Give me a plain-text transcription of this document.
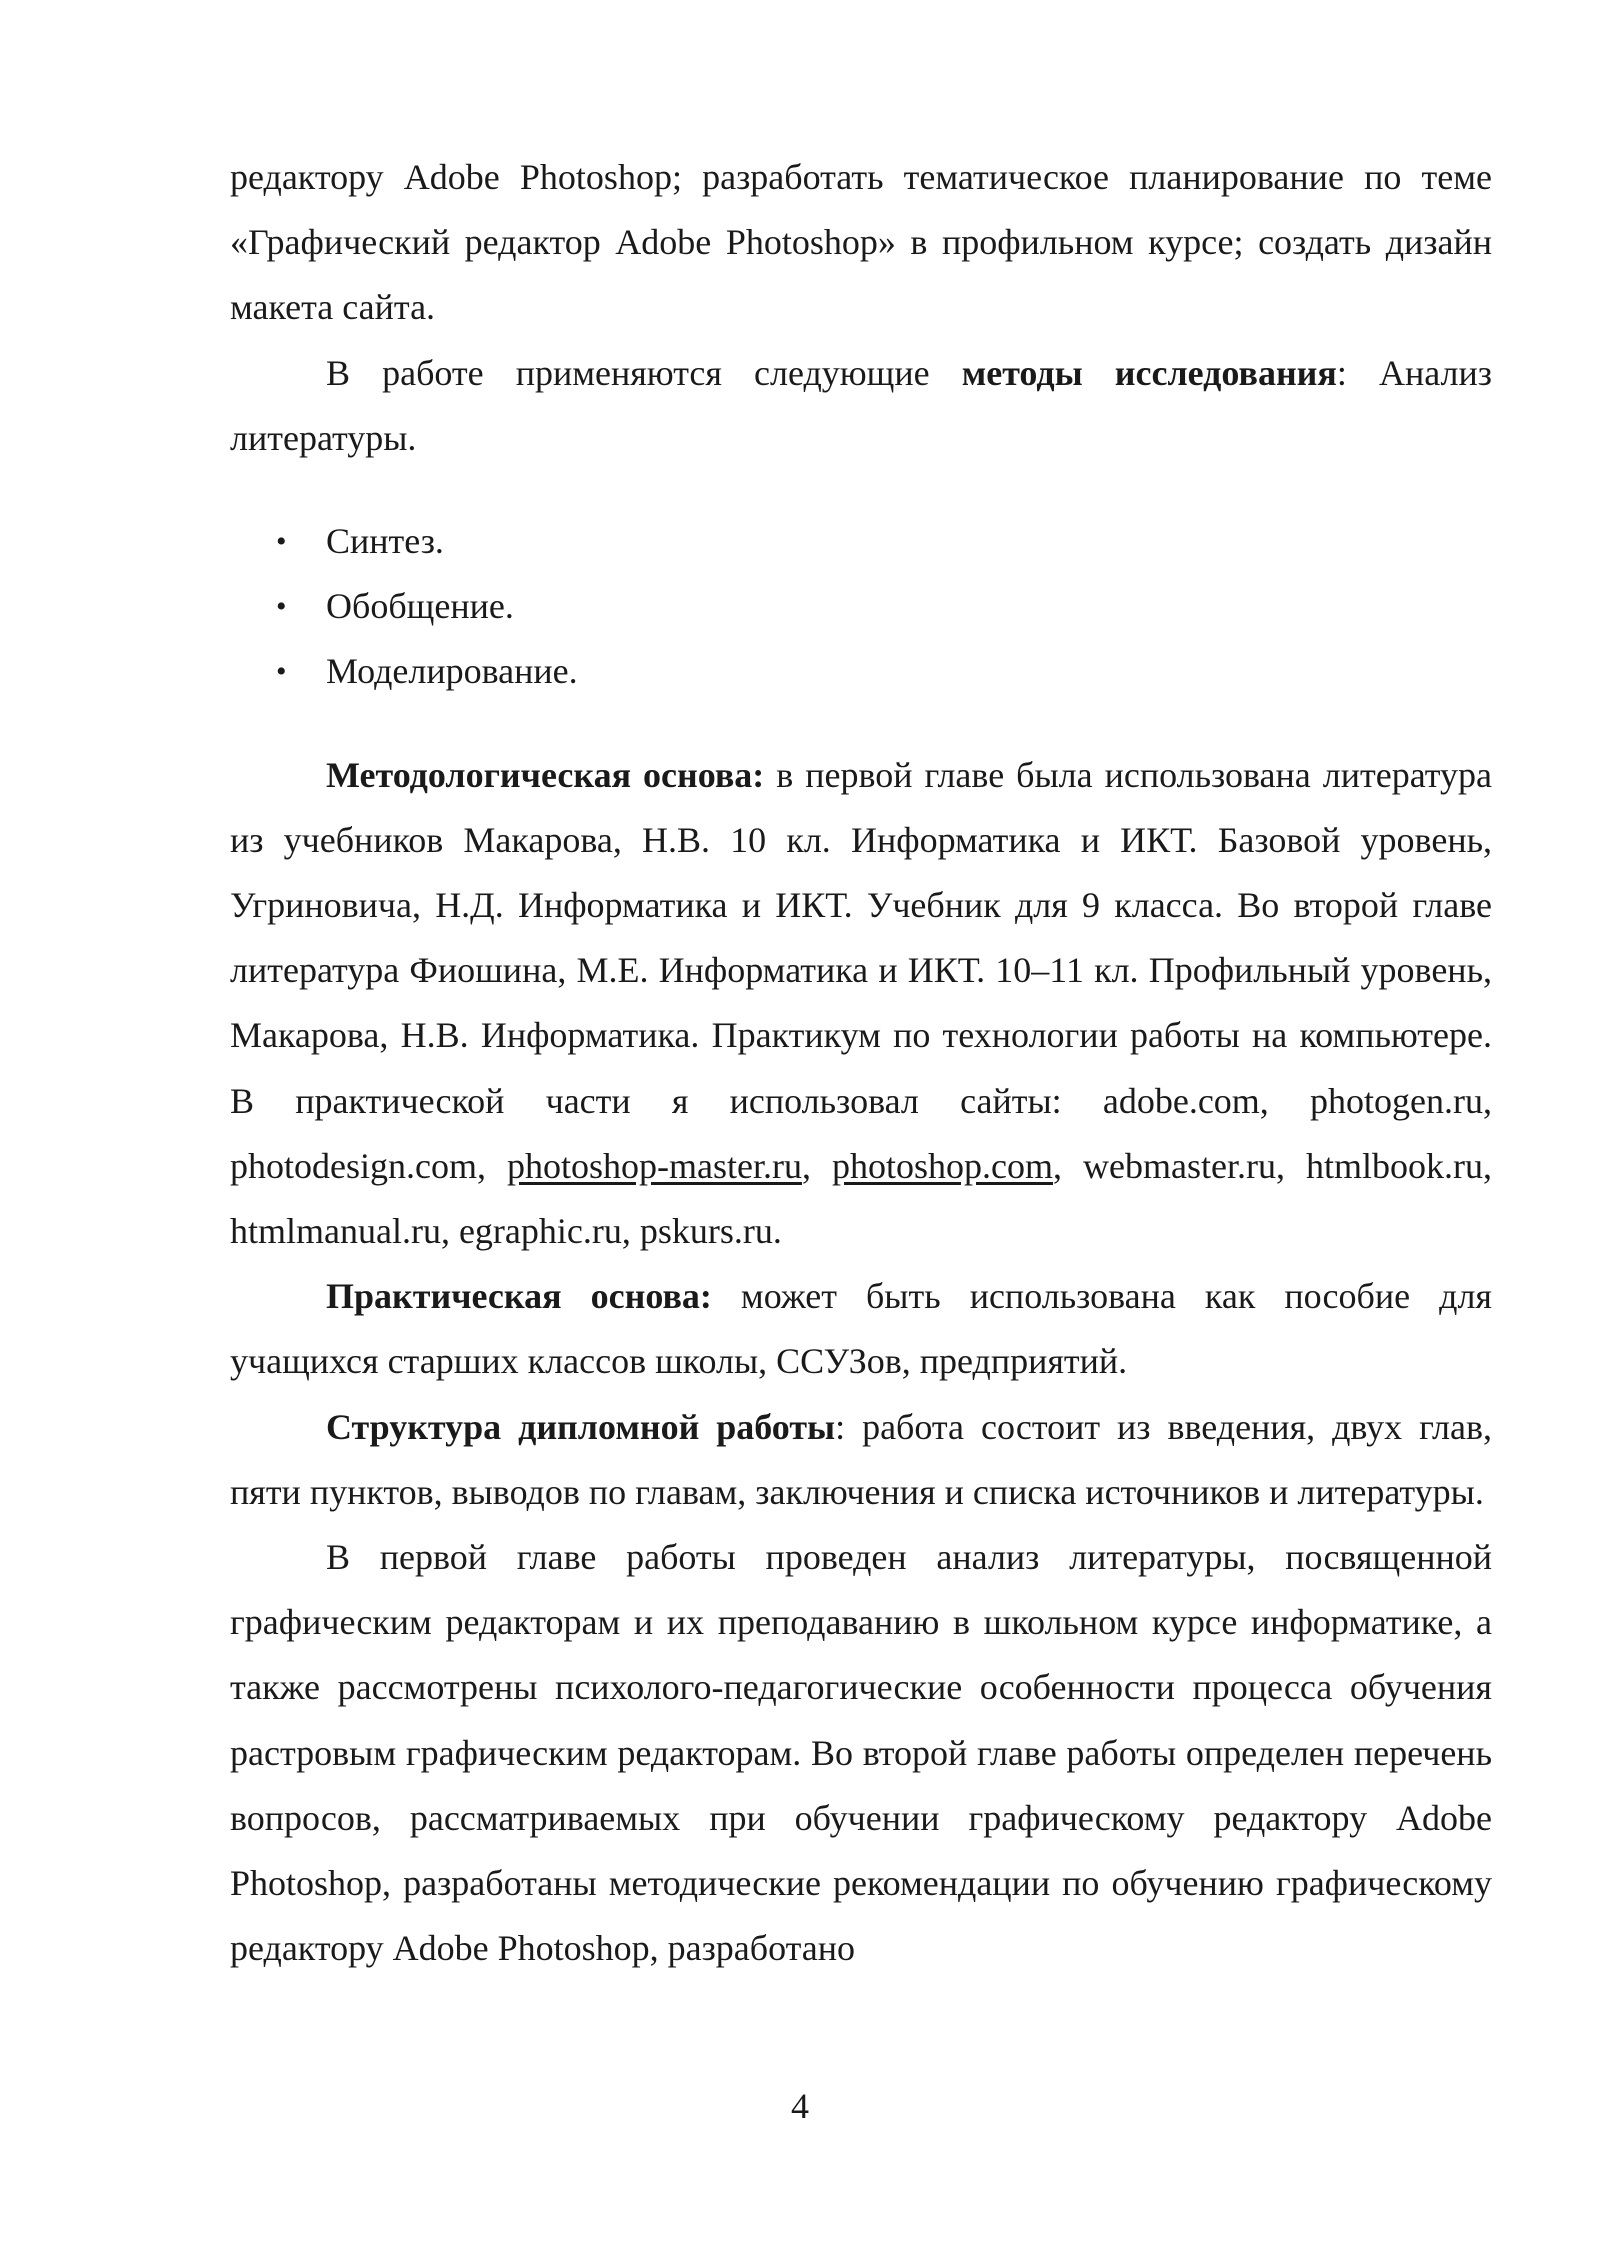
редактору Adobe Photoshop; разработать тематическое планирование по теме «Графический редактор Adobe Photoshop» в профильном курсе; создать дизайн макета сайта.

В работе применяются следующие методы исследования: Анализ литературы.

• Синтез.
• Обобщение.
• Моделирование.

Методологическая основа: в первой главе была использована литература из учебников Макарова, Н.В. 10 кл. Информатика и ИКТ. Базовой уровень, Угриновича, Н.Д. Информатика и ИКТ. Учебник для 9 класса. Во второй главе литература Фиошина, М.Е. Информатика и ИКТ. 10–11 кл. Профильный уровень, Макарова, Н.В. Информатика. Практикум по технологии работы на компьютере. В практической части я использовал сайты: adobe.com, photogen.ru, photodesign.com, photoshop-master.ru, photoshop.com, webmaster.ru, htmlbook.ru, htmlmanual.ru, egraphic.ru, pskurs.ru.

Практическая основа: может быть использована как пособие для учащихся старших классов школы, ССУЗов, предприятий.

Структура дипломной работы: работа состоит из введения, двух глав, пяти пунктов, выводов по главам, заключения и списка источников и литературы.

В первой главе работы проведен анализ литературы, посвященной графическим редакторам и их преподаванию в школьном курсе информатике, а также рассмотрены психолого-педагогические особенности процесса обучения растровым графическим редакторам. Во второй главе работы определен перечень вопросов, рассматриваемых при обучении графическому редактору Adobe Photoshop, разработаны методические рекомендации по обучению графическому редактору Adobe Photoshop, разработано

4
